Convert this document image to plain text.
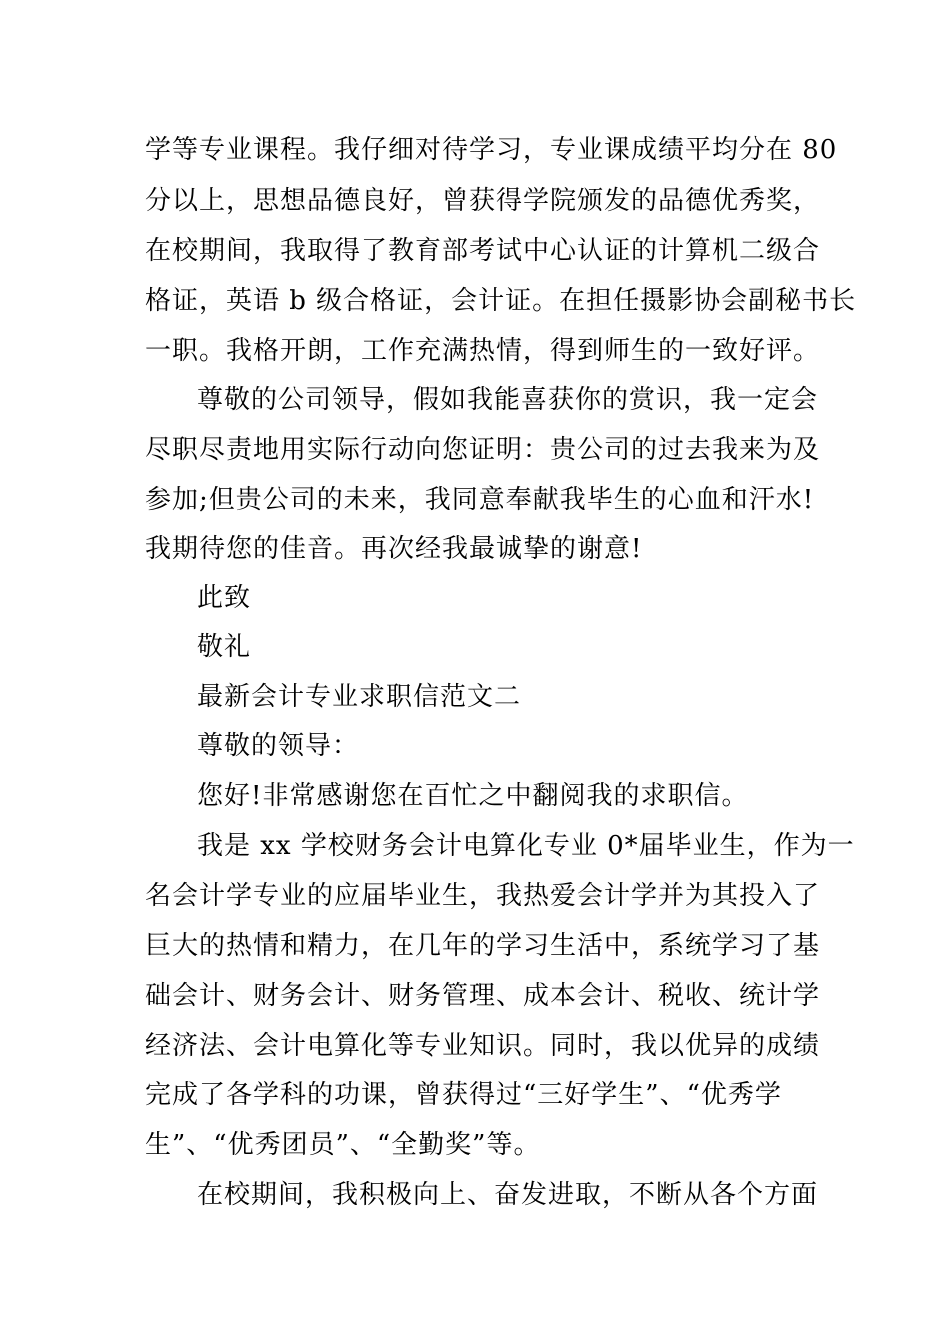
学等专业课程。我仔细对待学习，专业课成绩平均分在 80
分以上，思想品德良好，曾获得学院颁发的品德优秀奖，
在校期间，我取得了教育部考试中心认证的计算机二级合
格证，英语 b 级合格证，会计证。在担任摄影协会副秘书长
一职。我格开朗，工作充满热情，得到师生的一致好评。
尊敬的公司领导，假如我能喜获你的赏识，我一定会
尽职尽责地用实际行动向您证明：贵公司的过去我来为及
参加;但贵公司的未来，我同意奉献我毕生的心血和汗水!
我期待您的佳音。再次经我最诚挚的谢意!
此致
敬礼
最新会计专业求职信范文二
尊敬的领导：
您好!非常感谢您在百忙之中翻阅我的求职信。
我是 xx 学校财务会计电算化专业 0*届毕业生，作为一
名会计学专业的应届毕业生，我热爱会计学并为其投入了
巨大的热情和精力，在几年的学习生活中，系统学习了基
础会计、财务会计、财务管理、成本会计、税收、统计学
经济法、会计电算化等专业知识。同时，我以优异的成绩
完成了各学科的功课，曾获得过“三好学生”、“优秀学
生”、“优秀团员”、“全勤奖”等。
在校期间，我积极向上、奋发进取，不断从各个方面
